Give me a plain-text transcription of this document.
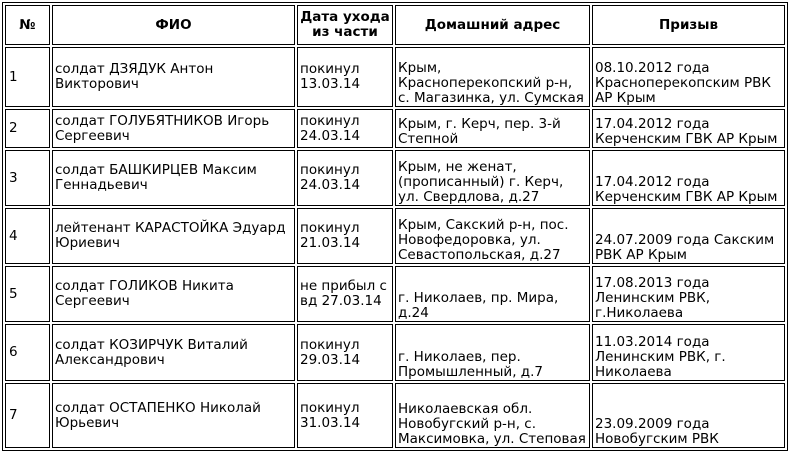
№	ФИО	Дата ухода из части	Домашний адрес	Призыв
1	солдат ДЗЯДУК Антон Викторович	покинул 13.03.14	Крым, Красноперекопский р-н, с. Магазинка, ул. Сумская	08.10.2012 года Красноперекопским РВК АР Крым
2	солдат ГОЛУБЯТНИКОВ Игорь Сергеевич	покинул 24.03.14	Крым, г. Керч, пер. 3-й Степной	17.04.2012 года Керченским ГВК АР Крым
3	солдат БАШКИРЦЕВ Максим Геннадьевич	покинул 24.03.14	Крым, не женат, (прописанный) г. Керч, ул. Свердлова, д.27	17.04.2012 года Керченским ГВК АР Крым
4	лейтенант КАРАСТОЙКА Эдуард Юриевич	покинул 21.03.14	Крым, Сакский р-н, пос. Новофедоровка, ул. Севастопольская, д.27	24.07.2009 года Сакским РВК АР Крым
5	солдат ГОЛИКОВ Никита Сергеевич	не прибыл с вд 27.03.14	г. Николаев, пр. Мира, д.24	17.08.2013 года Ленинским РВК, г.Николаева
6	солдат КОЗИРЧУК Виталий Александрович	покинул 29.03.14	г. Николаев, пер. Промышленный, д.7	11.03.2014 года Ленинским РВК, г. Николаева
7	солдат ОСТАПЕНКО Николай Юрьевич	покинул 31.03.14	Николаевская обл. Новобугский р-н, с. Максимовка, ул. Степовая	23.09.2009 года Новобугским РВК
